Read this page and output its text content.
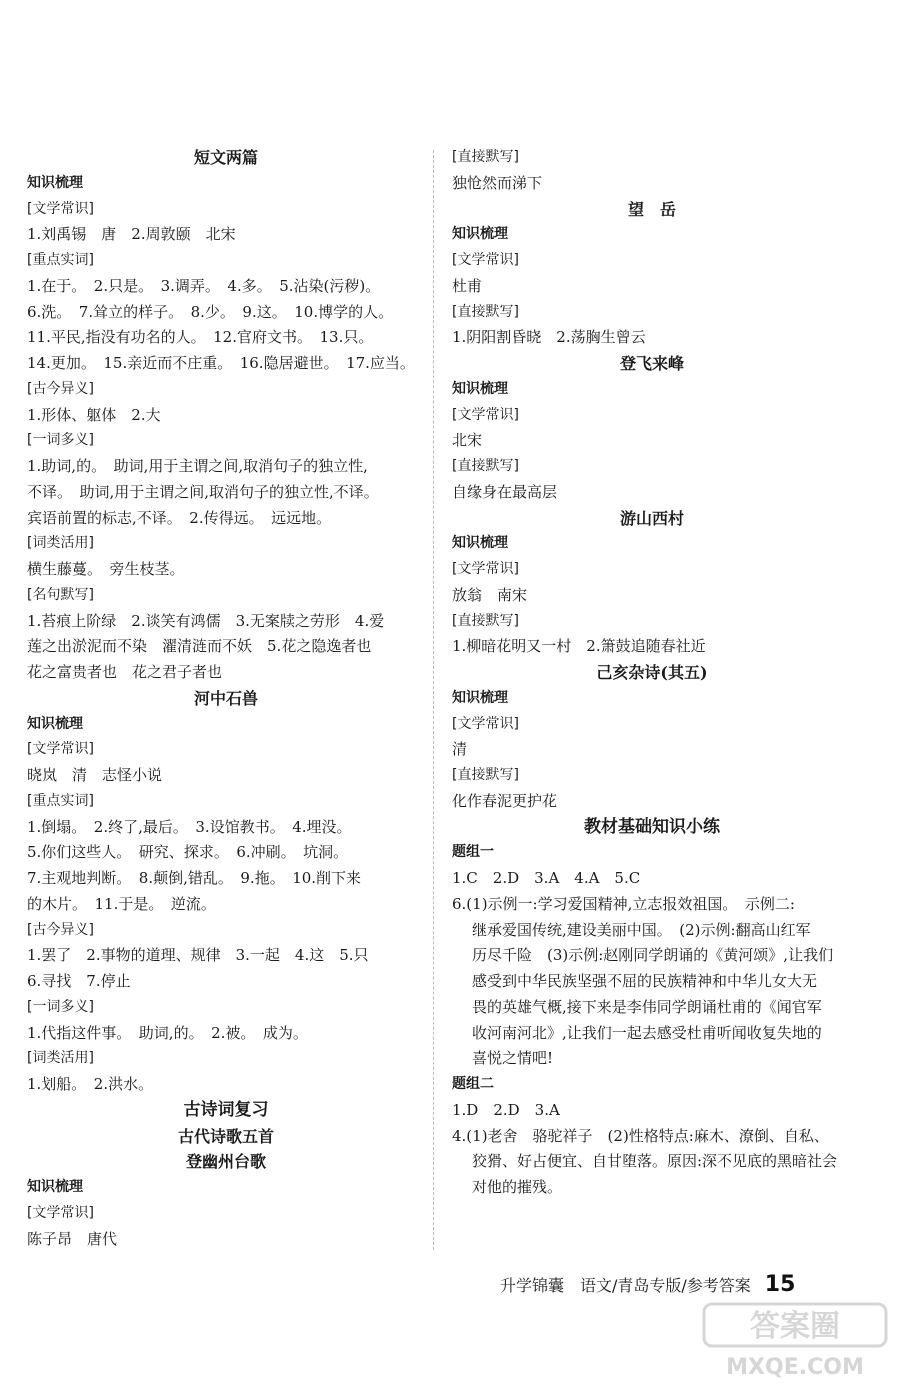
短文两篇
知识梳理
[文学常识]
1.刘禹锡　唐　2.周敦颐　北宋
[重点实词]
1.在于。　2.只是。　3.调弄。　4.多。　5.沾染(污秽)。
6.洗。　7.耸立的样子。　8.少。　9.这。　10.博学的人。
11.平民,指没有功名的人。　12.官府文书。　13.只。
14.更加。　15.亲近而不庄重。　16.隐居避世。　17.应当。
[古今异义]
1.形体、躯体　2.大
[一词多义]
1.助词,的。　助词,用于主谓之间,取消句子的独立性,
不译。　助词,用于主谓之间,取消句子的独立性,不译。
宾语前置的标志,不译。　2.传得远。　远远地。
[词类活用]
横生藤蔓。　旁生枝茎。
[名句默写]
1.苔痕上阶绿　2.谈笑有鸿儒　3.无案牍之劳形　4.爱
莲之出淤泥而不染　濯清涟而不妖　5.花之隐逸者也
花之富贵者也　花之君子者也
河中石兽
知识梳理
[文学常识]
晓岚　清　志怪小说
[重点实词]
1.倒塌。　2.终了,最后。　3.设馆教书。　4.埋没。
5.你们这些人。　研究、探求。　6.冲刷。　坑洞。
7.主观地判断。　8.颠倒,错乱。　9.拖。　10.削下来
的木片。　11.于是。　逆流。
[古今异义]
1.罢了　2.事物的道理、规律　3.一起　4.这　5.只
6.寻找　7.停止
[一词多义]
1.代指这件事。　助词,的。　2.被。　成为。
[词类活用]
1.划船。　2.洪水。
古诗词复习
古代诗歌五首
登幽州台歌
知识梳理
[文学常识]
陈子昂　唐代
[直接默写]
独怆然而涕下
望　岳
知识梳理
[文学常识]
杜甫
[直接默写]
1.阴阳割昏晓　2.荡胸生曾云
登飞来峰
知识梳理
[文学常识]
北宋
[直接默写]
自缘身在最高层
游山西村
知识梳理
[文学常识]
放翁　南宋
[直接默写]
1.柳暗花明又一村　2.箫鼓追随春社近
己亥杂诗(其五)
知识梳理
[文学常识]
清
[直接默写]
化作春泥更护花
教材基础知识小练
题组一
1.C　2.D　3.A　4.A　5.C
6.(1)示例一:学习爱国精神,立志报效祖国。　示例二:
继承爱国传统,建设美丽中国。　(2)示例:翻高山红军
历尽千险　(3)示例:赵刚同学朗诵的《黄河颂》,让我们
感受到中华民族坚强不屈的民族精神和中华儿女大无
畏的英雄气概,接下来是李伟同学朗诵杜甫的《闻官军
收河南河北》,让我们一起去感受杜甫听闻收复失地的
喜悦之情吧!
题组二
1.D　2.D　3.A
4.(1)老舍　骆驼祥子　(2)性格特点:麻木、潦倒、自私、
狡猾、好占便宜、自甘堕落。原因:深不见底的黑暗社会
对他的摧残。
升学锦囊　语文/青岛专版/参考答案 15
答案圈
MXQE.COM
